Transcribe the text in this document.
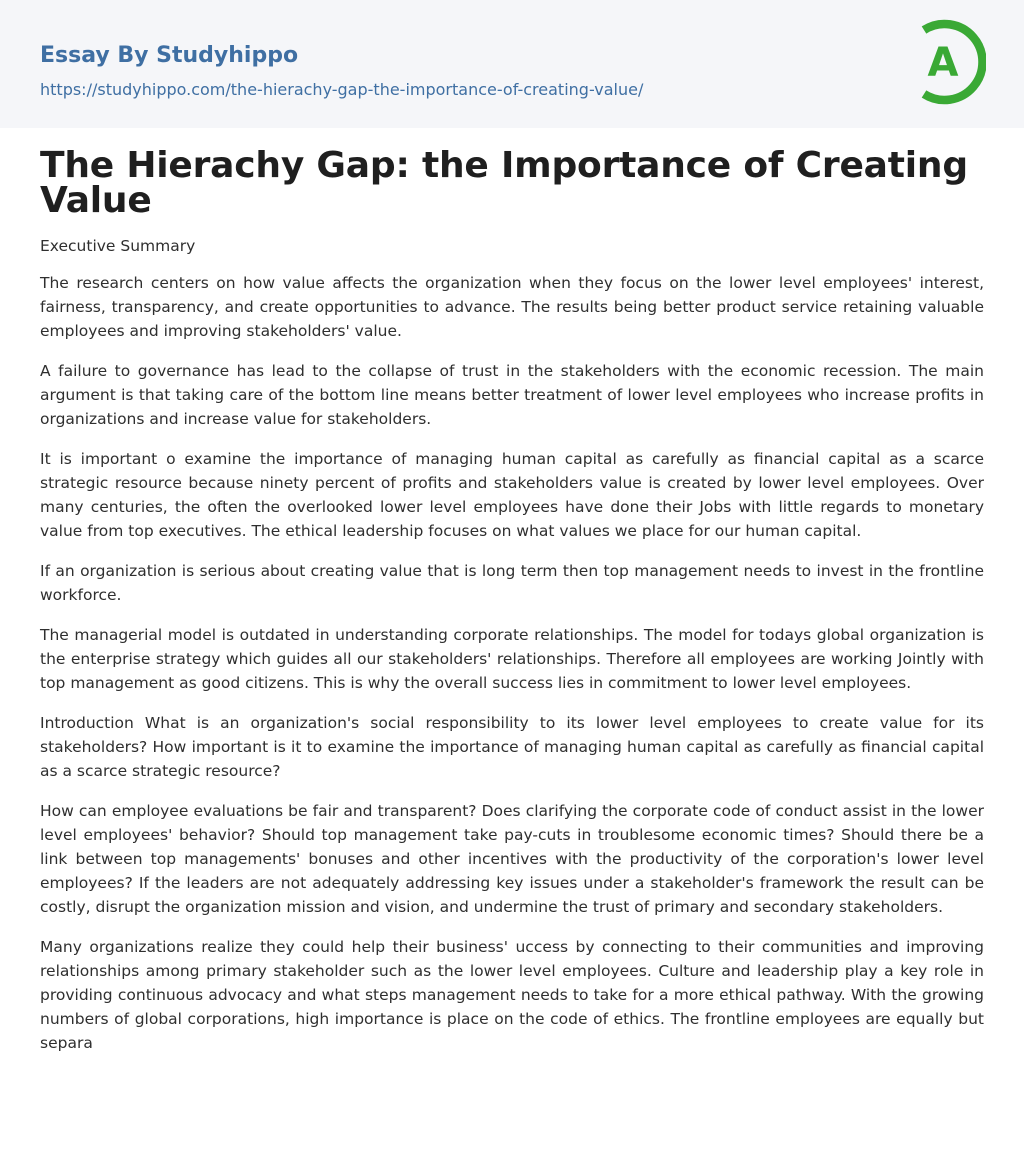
Essay By Studyhippo
https://studyhippo.com/the-hierachy-gap-the-importance-of-creating-value/
A
The Hierachy Gap: the Importance of Creating Value

Executive Summary

The research centers on how value affects the organization when they focus on the lower level employees' interest, fairness, transparency, and create opportunities to advance. The results being better product service retaining valuable employees and improving stakeholders' value.

A failure to governance has lead to the collapse of trust in the stakeholders with the economic recession. The main argument is that taking care of the bottom line means better treatment of lower level employees who increase profits in organizations and increase value for stakeholders.

It is important o examine the importance of managing human capital as carefully as financial capital as a scarce strategic resource because ninety percent of profits and stakeholders value is created by lower level employees. Over many centuries, the often the overlooked lower level employees have done their Jobs with little regards to monetary value from top executives. The ethical leadership focuses on what values we place for our human capital.

If an organization is serious about creating value that is long term then top management needs to invest in the frontline workforce.

The managerial model is outdated in understanding corporate relationships. The model for todays global organization is the enterprise strategy which guides all our stakeholders' relationships. Therefore all employees are working Jointly with top management as good citizens. This is why the overall success lies in commitment to lower level employees.

Introduction What is an organization's social responsibility to its lower level employees to create value for its stakeholders? How important is it to examine the importance of managing human capital as carefully as financial capital as a scarce strategic resource?

How can employee evaluations be fair and transparent? Does clarifying the corporate code of conduct assist in the lower level employees' behavior? Should top management take pay-cuts in troublesome economic times? Should there be a link between top managements' bonuses and other incentives with the productivity of the corporation's lower level employees? If the leaders are not adequately addressing key issues under a stakeholder's framework the result can be costly, disrupt the organization mission and vision, and undermine the trust of primary and secondary stakeholders.

Many organizations realize they could help their business' uccess by connecting to their communities and improving relationships among primary stakeholder such as the lower level employees. Culture and leadership play a key role in providing continuous advocacy and what steps management needs to take for a more ethical pathway. With the growing numbers of global corporations, high importance is place on the code of ethics. The frontline employees are equally but separa
